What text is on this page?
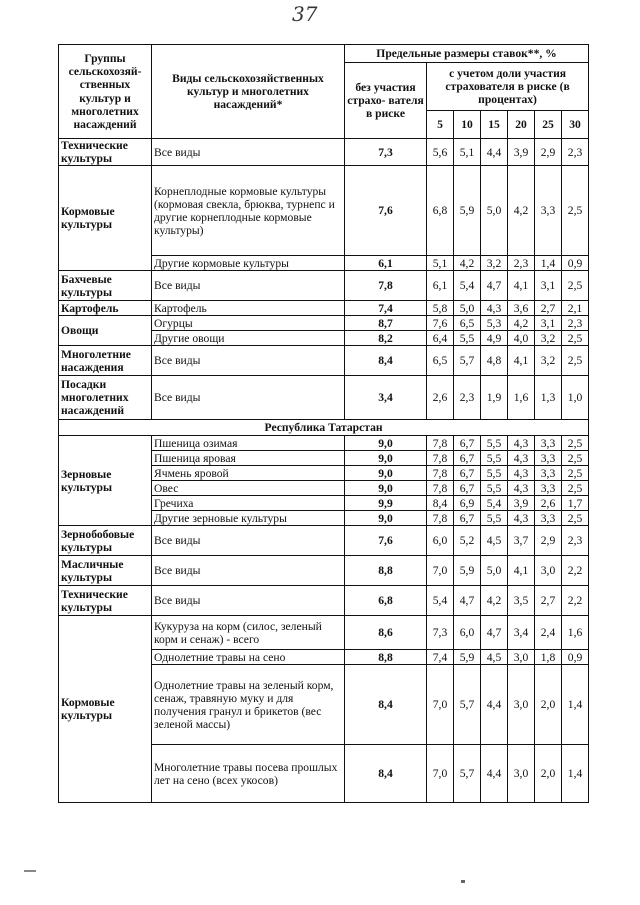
37
Группы сельскохозяй- ственных культур и многолетних насаждений	Виды сельскохозяйственных культур и многолетних насаждений*	Предельные размеры ставок**, %						
		без участия страхо- вателя в риске	с учетом доли участия страхователя в риске (в процентах)					
			5	10	15	20	25	30
Технические культуры	Все виды	7,3	5,6	5,1	4,4	3,9	2,9	2,3
Кормовые культуры	Корнеплодные кормовые культуры (кормовая свекла, брюква, турнепс и другие корнеплодные кормовые культуры)	7,6	6,8	5,9	5,0	4,2	3,3	2,5
	Другие кормовые культуры	6,1	5,1	4,2	3,2	2,3	1,4	0,9
Бахчевые культуры	Все виды	7,8	6,1	5,4	4,7	4,1	3,1	2,5
Картофель	Картофель	7,4	5,8	5,0	4,3	3,6	2,7	2,1
Овощи	Огурцы	8,7	7,6	6,5	5,3	4,2	3,1	2,3
	Другие овощи	8,2	6,4	5,5	4,9	4,0	3,2	2,5
Многолетние насаждения	Все виды	8,4	6,5	5,7	4,8	4,1	3,2	2,5
Посадки многолетних насаждений	Все виды	3,4	2,6	2,3	1,9	1,6	1,3	1,0
Республика Татарстан								
Зерновые культуры	Пшеница озимая	9,0	7,8	6,7	5,5	4,3	3,3	2,5
	Пшеница яровая	9,0	7,8	6,7	5,5	4,3	3,3	2,5
	Ячмень яровой	9,0	7,8	6,7	5,5	4,3	3,3	2,5
	Овес	9,0	7,8	6,7	5,5	4,3	3,3	2,5
	Гречиха	9,9	8,4	6,9	5,4	3,9	2,6	1,7
	Другие зерновые культуры	9,0	7,8	6,7	5,5	4,3	3,3	2,5
Зернобобовые культуры	Все виды	7,6	6,0	5,2	4,5	3,7	2,9	2,3
Масличные культуры	Все виды	8,8	7,0	5,9	5,0	4,1	3,0	2,2
Технические культуры	Все виды	6,8	5,4	4,7	4,2	3,5	2,7	2,2
Кормовые культуры	Кукуруза на корм (силос, зеленый корм и сенаж) - всего	8,6	7,3	6,0	4,7	3,4	2,4	1,6
	Однолетние травы на сено	8,8	7,4	5,9	4,5	3,0	1,8	0,9
	Однолетние травы на зеленый корм, сенаж, травяную муку и для получения гранул и брикетов (вес зеленой массы)	8,4	7,0	5,7	4,4	3,0	2,0	1,4
	Многолетние травы посева прошлых лет на сено (всех укосов)	8,4	7,0	5,7	4,4	3,0	2,0	1,4
